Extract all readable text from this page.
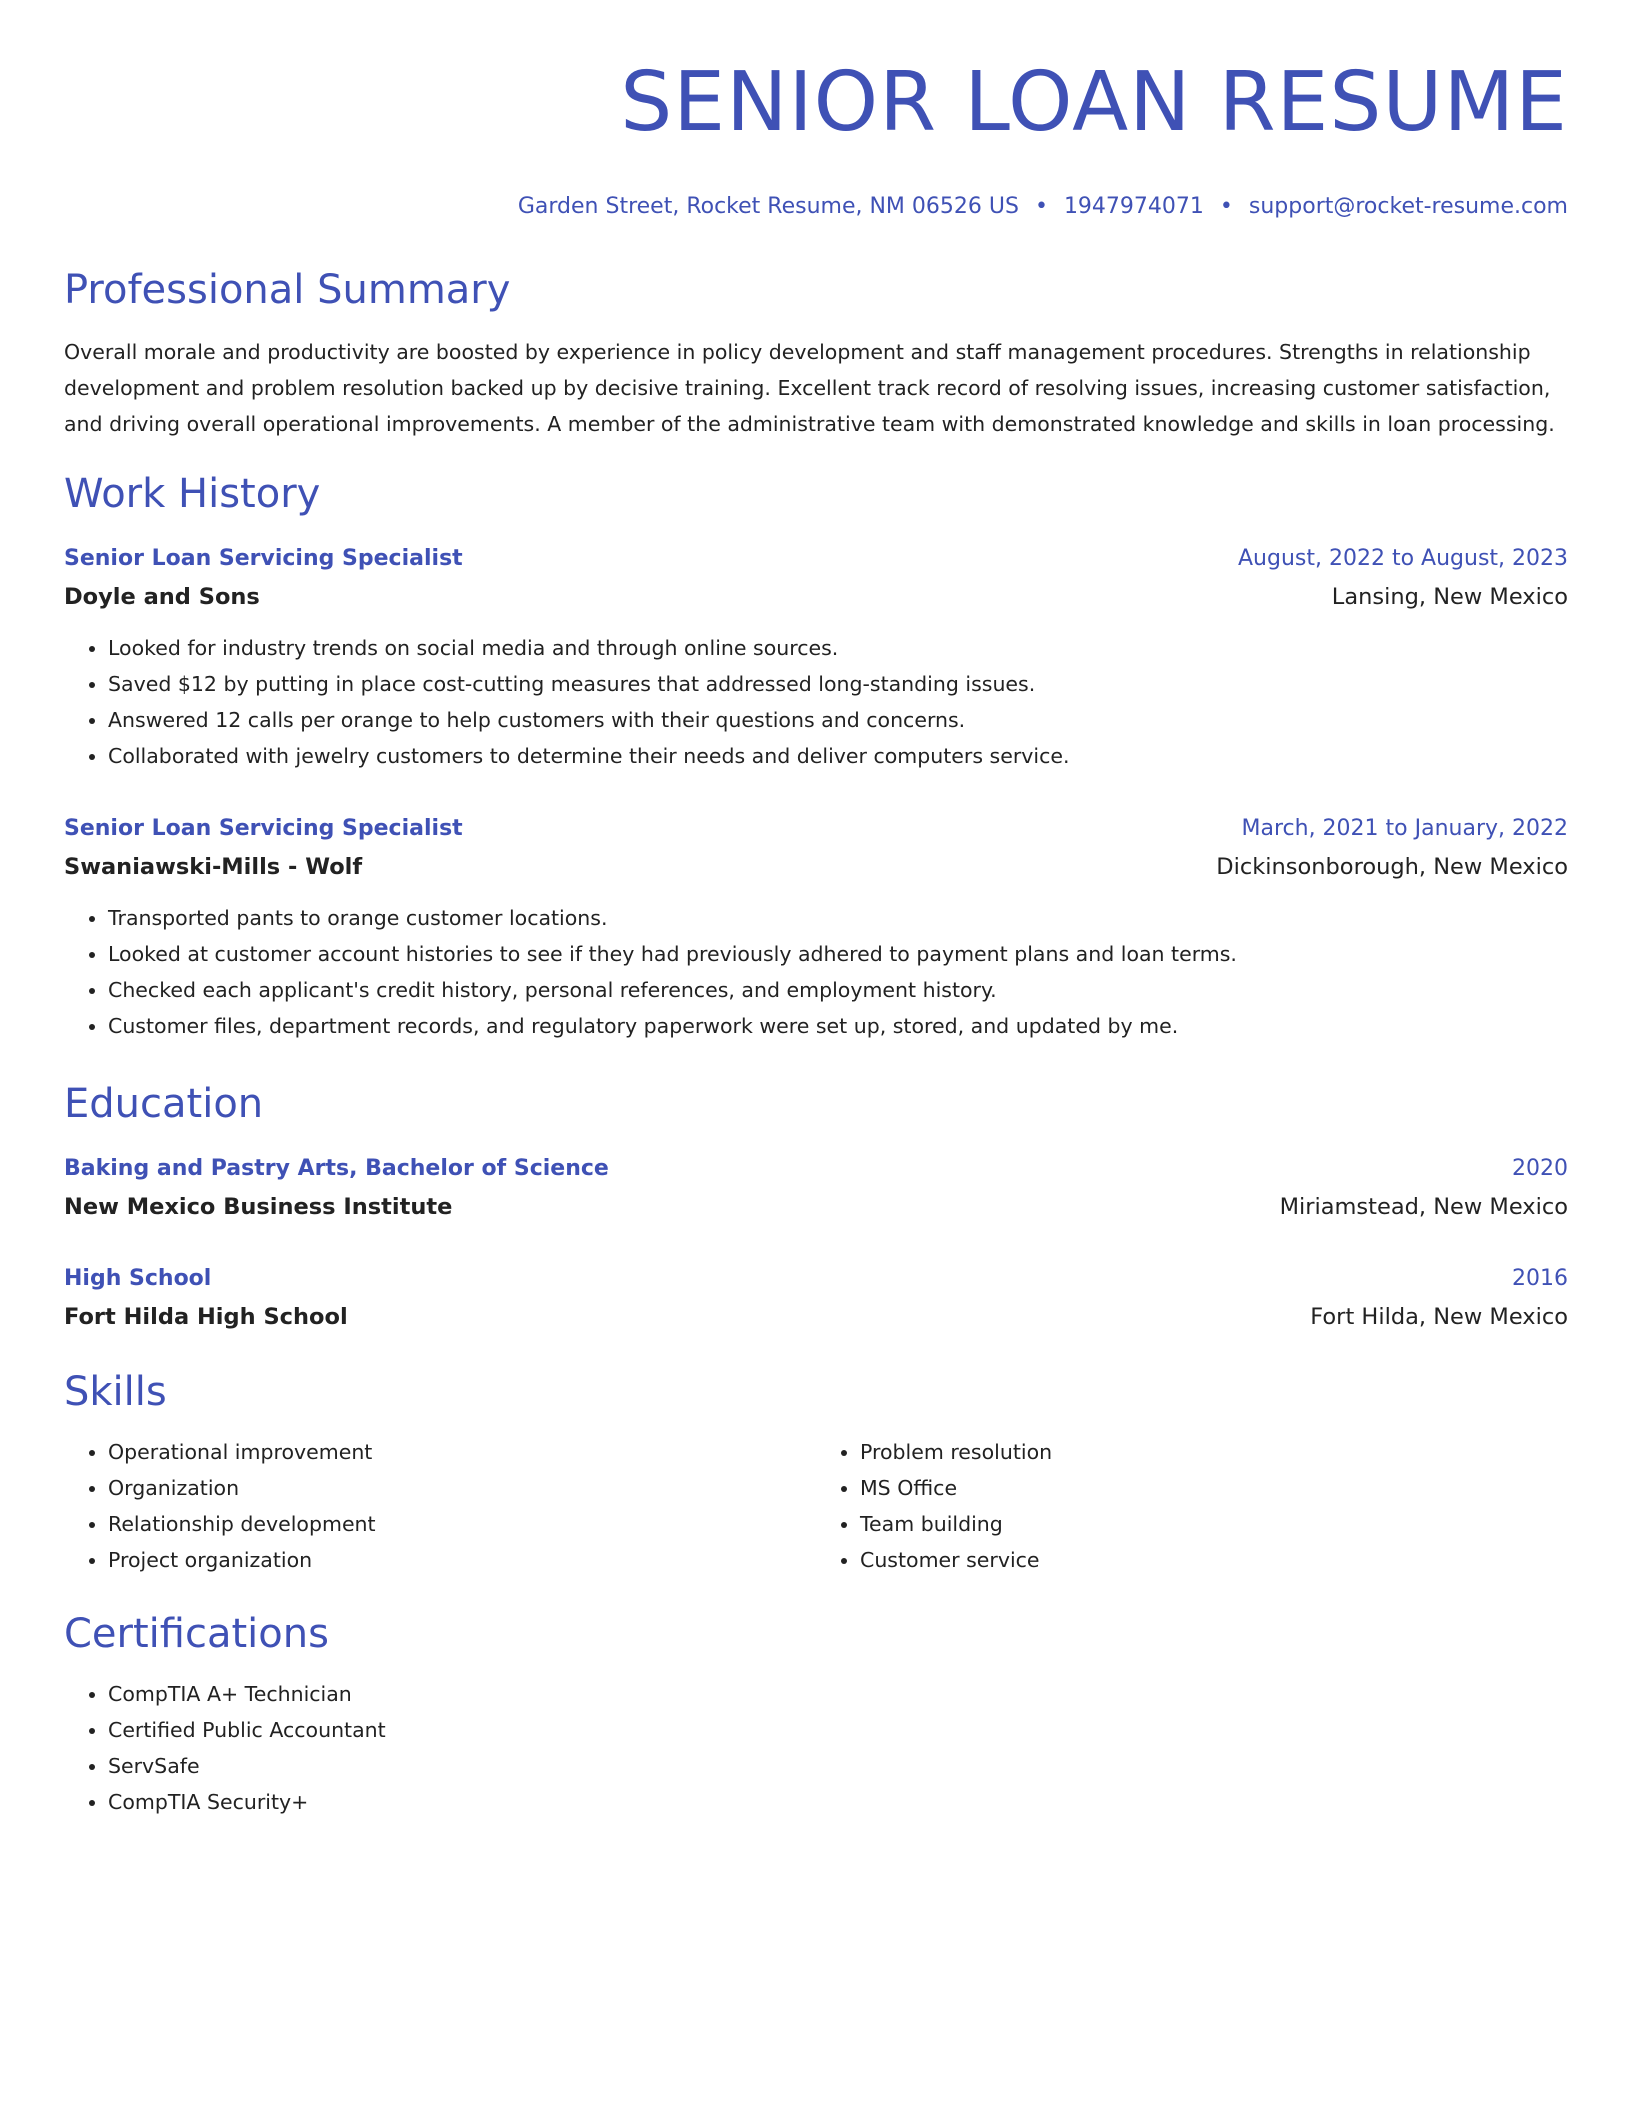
SENIOR LOAN RESUME
Garden Street, Rocket Resume, NM 06526 US • 1947974071 • support@rocket-resume.com
Professional Summary

Overall morale and productivity are boosted by experience in policy development and staff management procedures. Strengths in relationship development and problem resolution backed up by decisive training. Excellent track record of resolving issues, increasing customer satisfaction, and driving overall operational improvements. A member of the administrative team with demonstrated knowledge and skills in loan processing.

Work History
Senior Loan Servicing Specialist	August, 2022 to August, 2023
Doyle and Sons	Lansing, New Mexico
• Looked for industry trends on social media and through online sources.
• Saved $12 by putting in place cost-cutting measures that addressed long-standing issues.
• Answered 12 calls per orange to help customers with their questions and concerns.
• Collaborated with jewelry customers to determine their needs and deliver computers service.
Senior Loan Servicing Specialist	March, 2021 to January, 2022
Swaniawski-Mills - Wolf	Dickinsonborough, New Mexico
• Transported pants to orange customer locations.
• Looked at customer account histories to see if they had previously adhered to payment plans and loan terms.
• Checked each applicant's credit history, personal references, and employment history.
• Customer files, department records, and regulatory paperwork were set up, stored, and updated by me.
Education
Baking and Pastry Arts, Bachelor of Science	2020
New Mexico Business Institute	Miriamstead, New Mexico
High School	2016
Fort Hilda High School	Fort Hilda, New Mexico
Skills
• Operational improvement
• Organization
• Relationship development
• Project organization
• Problem resolution
• MS Office
• Team building
• Customer service
Certifications
• CompTIA A+ Technician
• Certified Public Accountant
• ServSafe
• CompTIA Security+
